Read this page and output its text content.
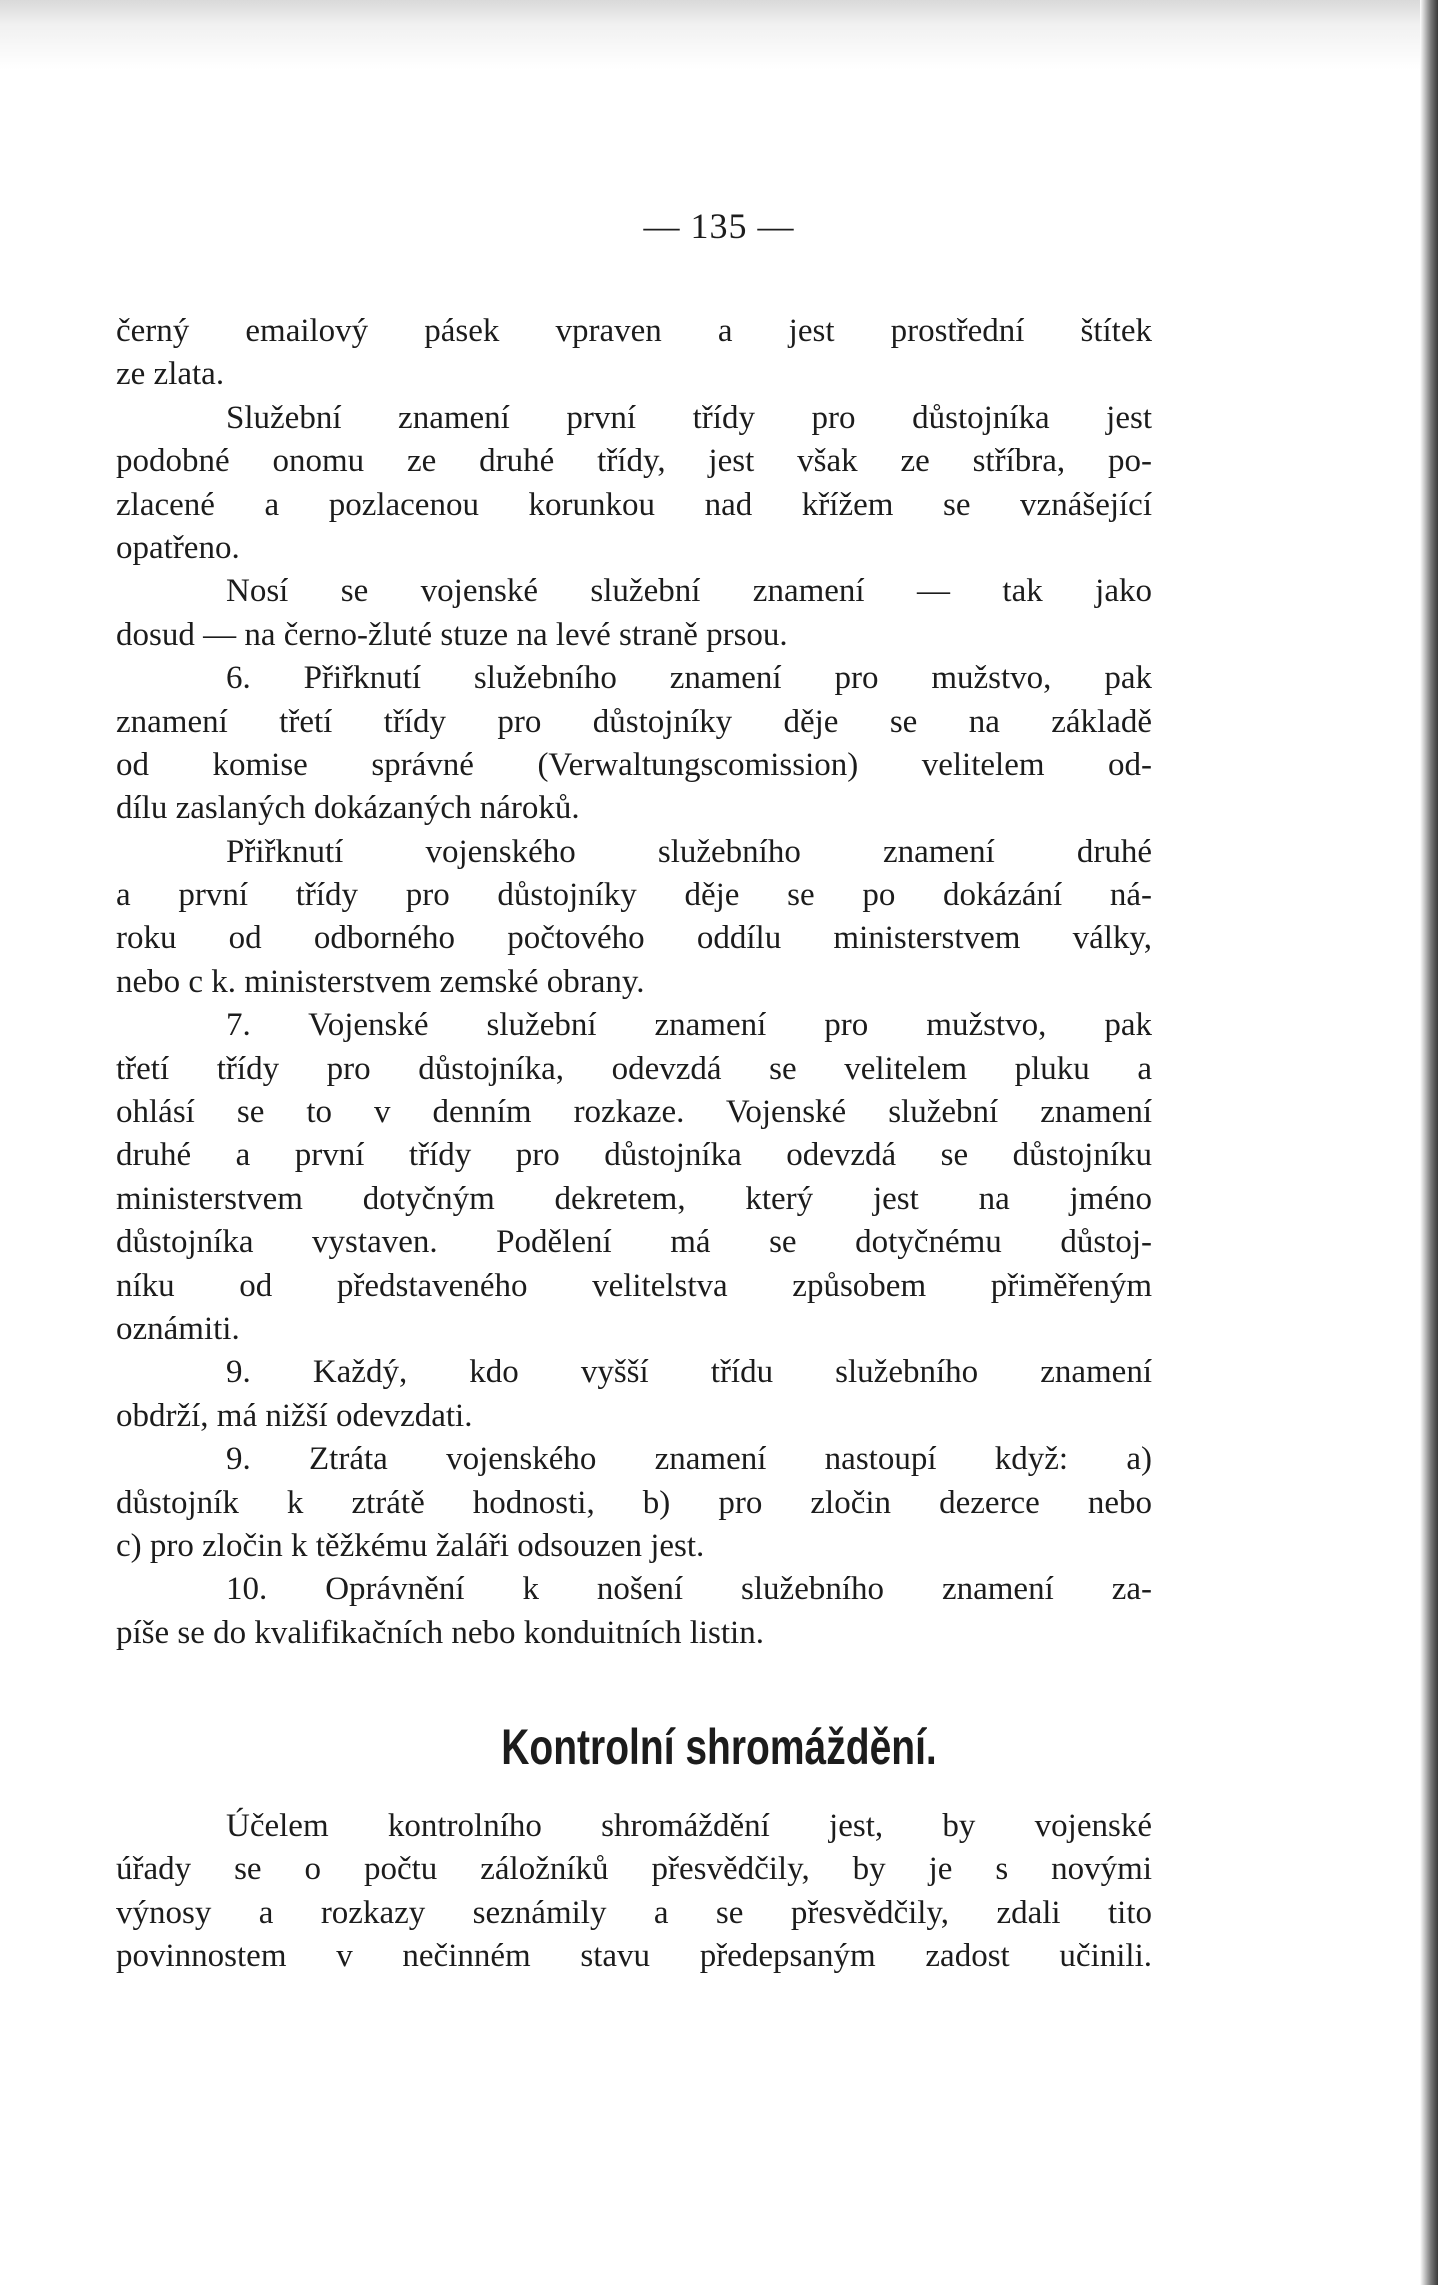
— 135 —
černý emailový pásek vpraven a jest prostřední štítek
ze zlata.
Služební znamení první třídy pro důstojníka jest
podobné onomu ze druhé třídy, jest však ze stříbra, po-
zlacené a pozlacenou korunkou nad křížem se vznášející
opatřeno.
Nosí se vojenské služební znamení — tak jako
dosud — na černo-žluté stuze na levé straně prsou.
6. Přiřknutí služebního znamení pro mužstvo, pak
znamení třetí třídy pro důstojníky děje se na základě
od komise správné (Verwaltungscomission) velitelem od-
dílu zaslaných dokázaných nároků.
Přiřknutí vojenského služebního znamení druhé
a první třídy pro důstojníky děje se po dokázání ná-
roku od odborného počtového oddílu ministerstvem války,
nebo c k. ministerstvem zemské obrany.
7. Vojenské služební znamení pro mužstvo, pak
třetí třídy pro důstojníka, odevzdá se velitelem pluku a
ohlásí se to v denním rozkaze. Vojenské služební znamení
druhé a první třídy pro důstojníka odevzdá se důstojníku
ministerstvem dotyčným dekretem, který jest na jméno
důstojníka vystaven. Podělení má se dotyčnému důstoj-
níku od představeného velitelstva způsobem přiměřeným
oznámiti.
9. Každý, kdo vyšší třídu služebního znamení
obdrží, má nižší odevzdati.
9. Ztráta vojenského znamení nastoupí když: a)
důstojník k ztrátě hodnosti, b) pro zločin dezerce nebo
c) pro zločin k těžkému žaláři odsouzen jest.
10. Oprávnění k nošení služebního znamení za-
píše se do kvalifikačních nebo konduitních listin.
Kontrolní shromáždění.
Účelem kontrolního shromáždění jest, by vojenské
úřady se o počtu záložníků přesvědčily, by je s novými
výnosy a rozkazy seznámily a se přesvědčily, zdali tito
povinnostem v nečinném stavu předepsaným zadost učinili.
